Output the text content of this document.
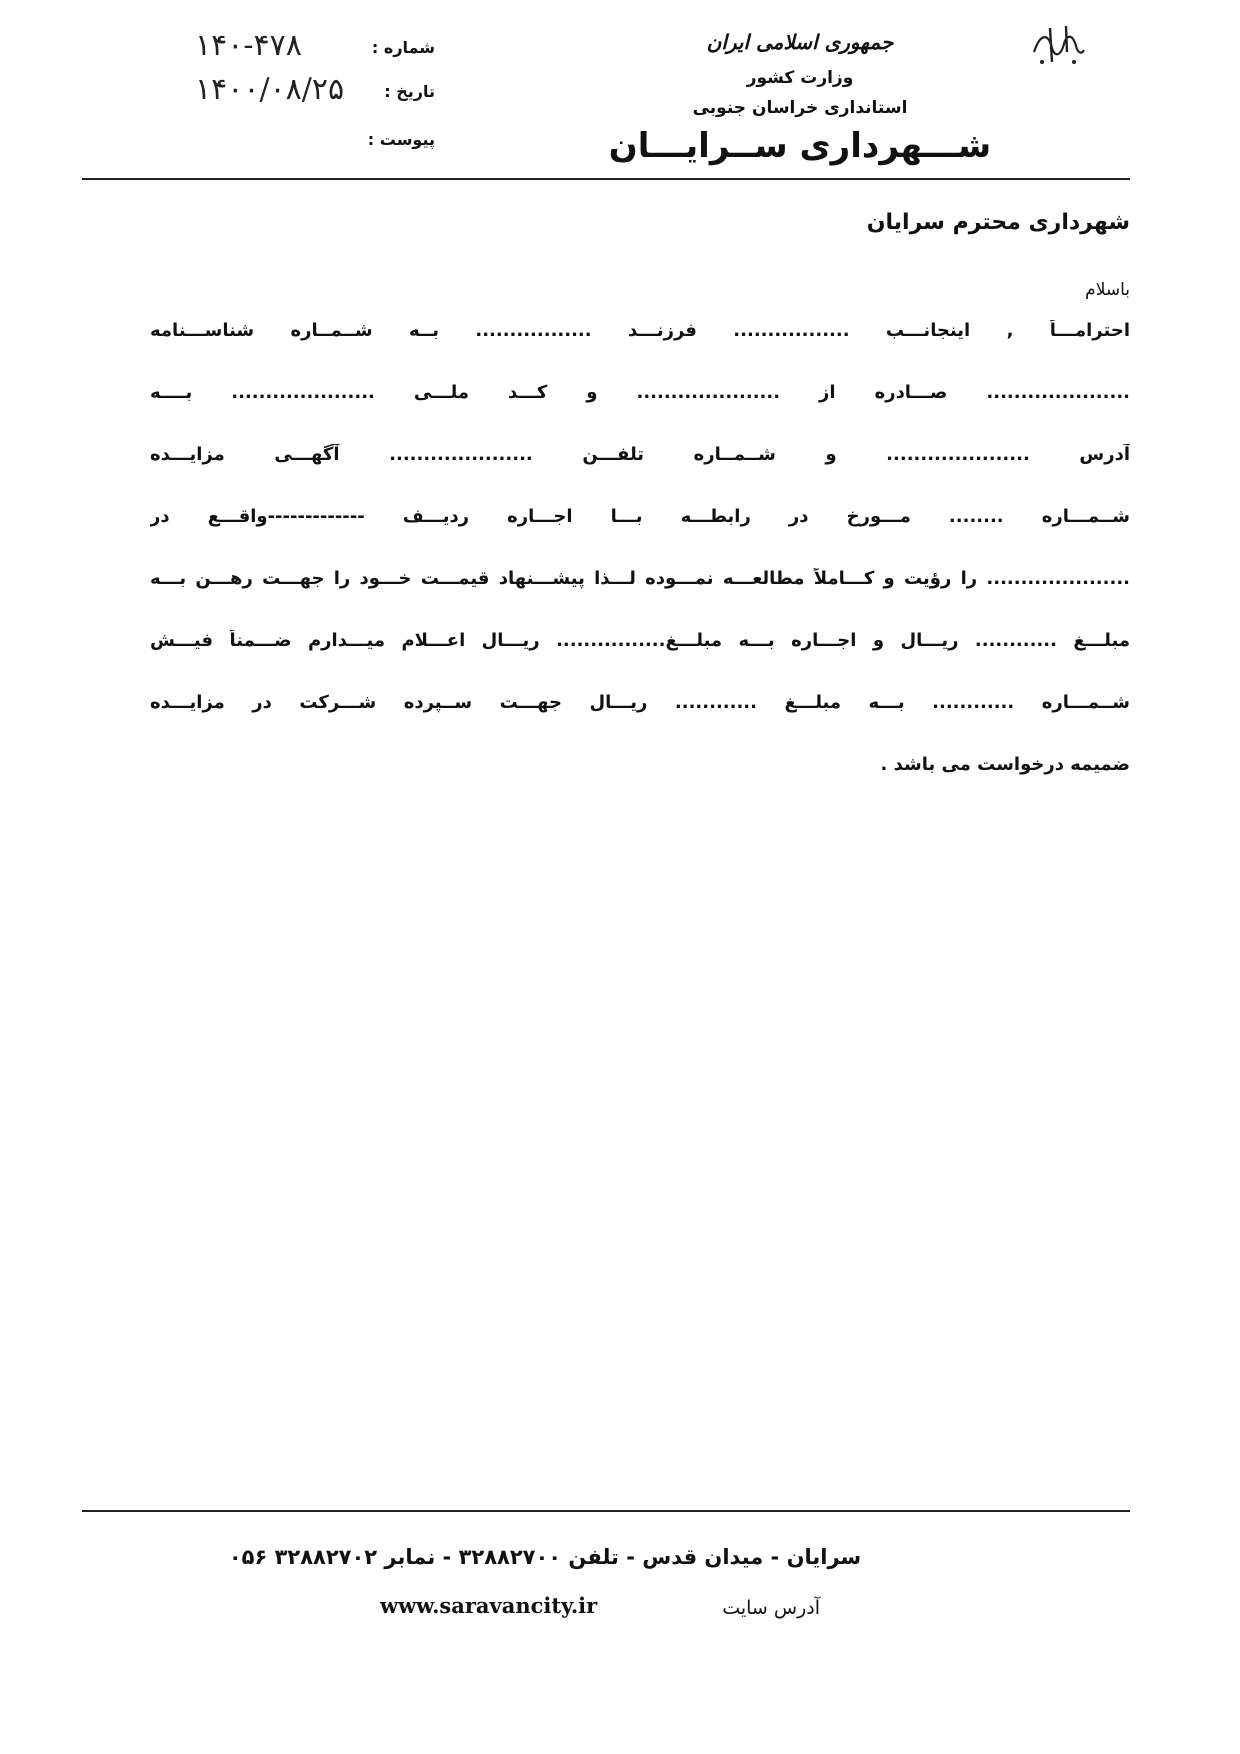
۱۴۰-۴۷۸	شماره :
۱۴۰۰/۰۸/۲۵	تاریخ :
پیوست :
جمهوری اسلامی ایران
وزارت کشور
استانداری خراسان جنوبی
شـــهرداری ســرایـــان
شهرداری محترم سرایان
باسلام
احترامـــاً , اینجانـــب ................. فرزنـــد ................. بــه شــمــاره شناســـنامه
..................... صـــادره از ..................... و کـــد ملـــی ..................... بــــه
آدرس ..................... و شــمــاره تلفـــن ..................... آگهـــی مزایـــده
شــمـــاره ........ مـــورخ در رابطـــه بـــا اجـــاره ردیـــف -------------واقـــع در
..................... را رؤیت و کـــاملاً مطالعـــه نمـــوده لـــذا پیشـــنهاد قیمـــت خـــود را جهـــت رهـــن بـــه
مبلـــغ ............ ریـــال و اجـــاره بـــه مبلـــغ................ ریـــال اعـــلام میـــدارم ضـــمناً فیـــش
شــمـــاره ............ بـــه مبلـــغ ............ ریـــال جهـــت ســپرده شـــرکت در مزایـــده
ضمیمه درخواست می باشد .
سرایان - میدان قدس - تلفن ۳۲۸۸۲۷۰۰ - نمابر ۳۲۸۸۲۷۰۲ ۰۵۶
www.saravancity.ir	آدرس سایت
